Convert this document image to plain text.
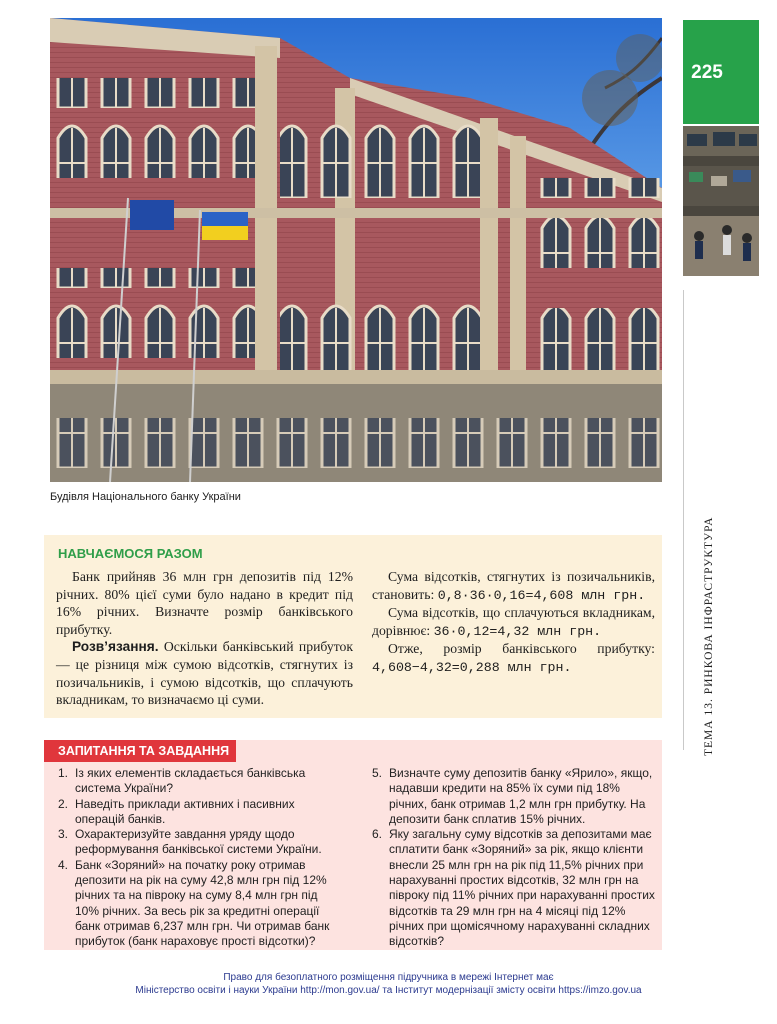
Будівля Національного банку України
225
ТЕМА 13. РИНКОВА ІНФРАСТРУКТУРА
НАВЧАЄМОСЯ РАЗОМ

Банк прийняв 36 млн грн депозитів під 12% річних. 80% цієї суми було надано в кредит під 16% річних. Визначте розмір банківського прибутку.

Розв’язання. Оскільки банківський прибуток — це різниця між сумою відсотків, стягнутих із позичальників, і сумою відсотків, що сплачують вкладникам, то визначаємо ці суми.

Сума відсотків, стягнутих із позичальників, становить: 0,8·36·0,16=4,608 млн грн.

Сума відсотків, що сплачуються вкладникам, дорівнює: 36·0,12=4,32 млн грн.

Отже, розмір банківського прибутку: 4,608−4,32=0,288 млн грн.

ЗАПИТАННЯ ТА ЗАВДАННЯ
1. Із яких елементів складається банківська система України?
2. Наведіть приклади активних і пасивних операцій банків.
3. Охарактеризуйте завдання уряду щодо реформування банківської системи України.
4. Банк «Зоряний» на початку року отримав депозити на рік на суму 42,8 млн грн під 12% річних та на півроку на суму 8,4 млн грн під 10% річних. За весь рік за кредитні операції банк отримав 6,237 млн грн. Чи отримав банк прибуток (банк нараховує прості відсотки)?
5. Визначте суму депозитів банку «Ярило», якщо, надавши кредити на 85% їх суми під 18% річних, банк отримав 1,2 млн грн прибутку. На депозити банк сплатив 15% річних.
6. Яку загальну суму відсотків за депозитами має сплатити банк «Зоряний» за рік, якщо клієнти внесли 25 млн грн на рік під 11,5% річних при нарахуванні простих відсотків, 32 млн грн на півроку під 11% річних при нарахуванні простих відсотків та 29 млн грн на 4 місяці під 12% річних при щомісячному нарахуванні складних відсотків?
Право для безоплатного розміщення підручника в мережі Інтернет має
Міністерство освіти і науки України http://mon.gov.ua/ та Інститут модернізації змісту освіти https://imzo.gov.ua
